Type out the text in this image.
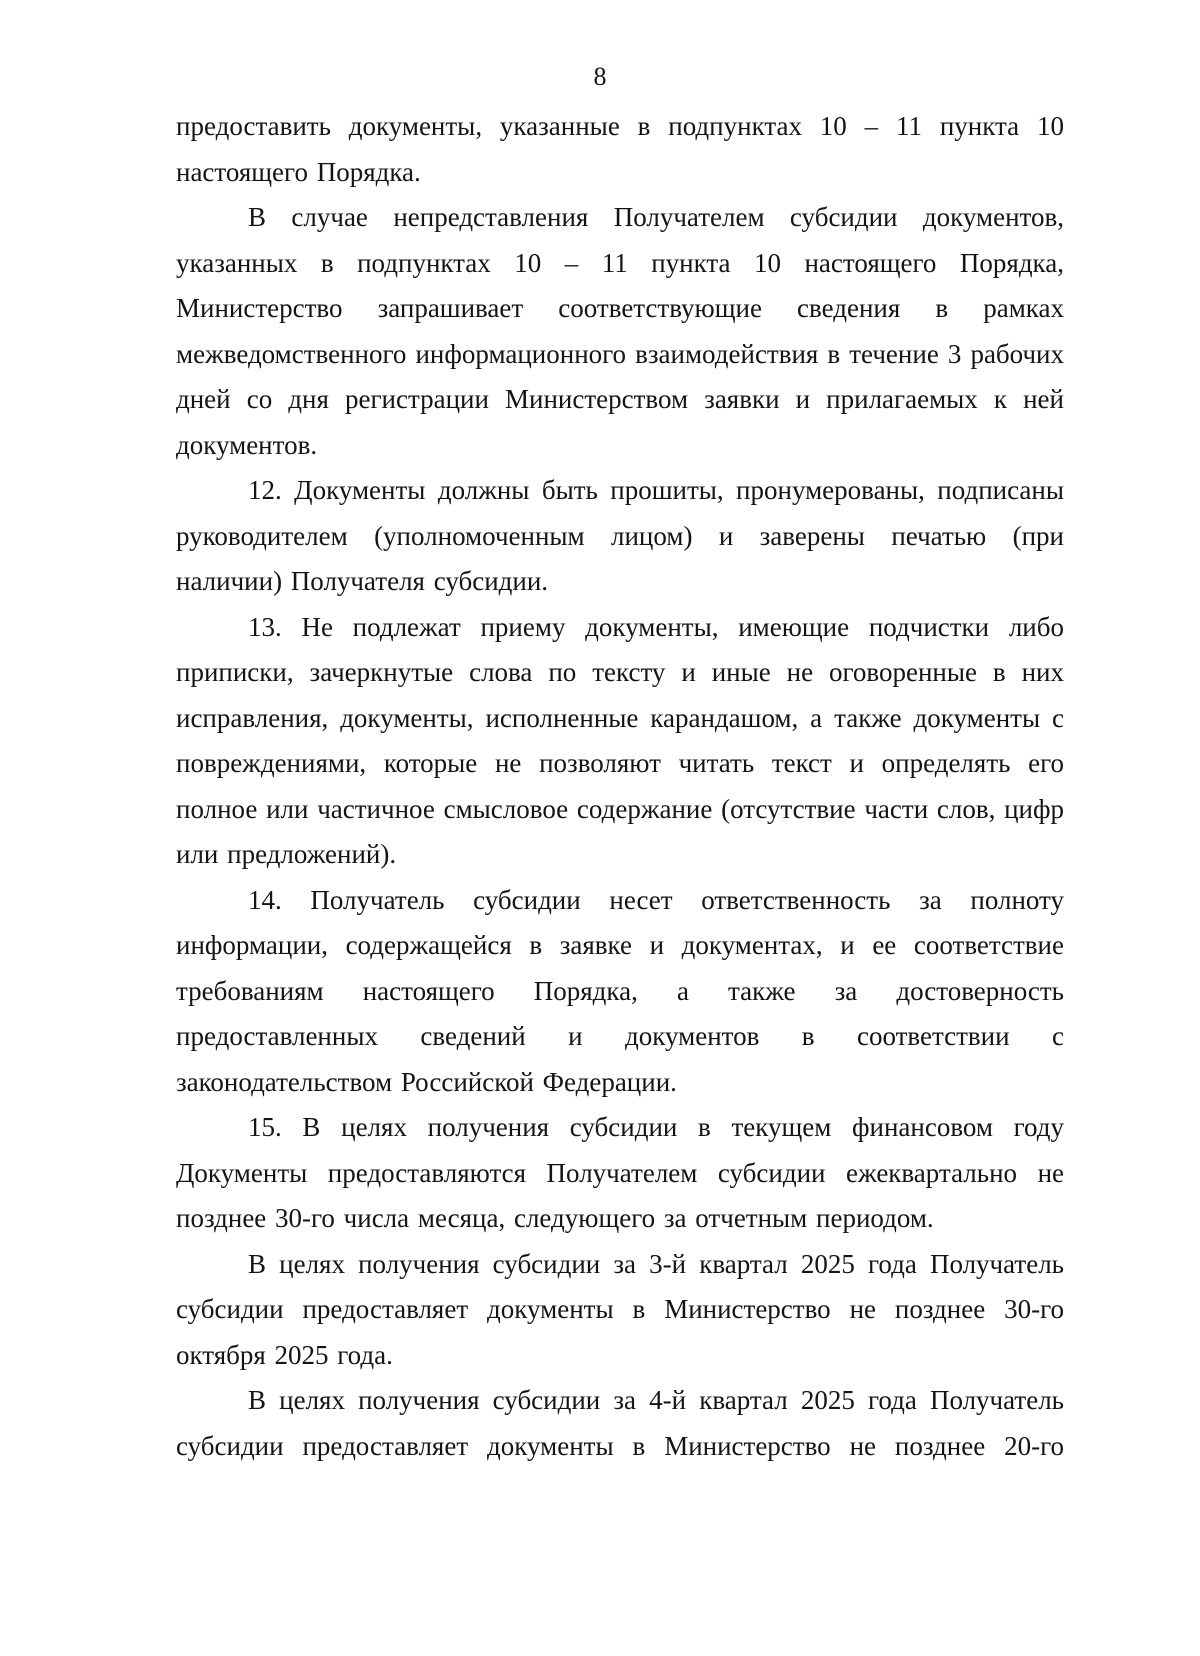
8

предоставить документы, указанные в подпунктах 10 – 11 пункта 10 настоящего Порядка.

В случае непредставления Получателем субсидии документов, указанных в подпунктах 10 – 11 пункта 10 настоящего Порядка, Министерство запрашивает соответствующие сведения в рамках межведомственного информационного взаимодействия в течение 3 рабочих дней со дня регистрации Министерством заявки и прилагаемых к ней документов.

12. Документы должны быть прошиты, пронумерованы, подписаны руководителем (уполномоченным лицом) и заверены печатью (при наличии) Получателя субсидии.

13. Не подлежат приему документы, имеющие подчистки либо приписки, зачеркнутые слова по тексту и иные не оговоренные в них исправления, документы, исполненные карандашом, а также документы с повреждениями, которые не позволяют читать текст и определять его полное или частичное смысловое содержание (отсутствие части слов, цифр или предложений).

14. Получатель субсидии несет ответственность за полноту информации, содержащейся в заявке и документах, и ее соответствие требованиям настоящего Порядка, а также за достоверность предоставленных сведений и документов в соответствии с законодательством Российской Федерации.

15. В целях получения субсидии в текущем финансовом году Документы предоставляются Получателем субсидии ежеквартально не позднее 30-го числа месяца, следующего за отчетным периодом.

В целях получения субсидии за 3-й квартал 2025 года Получатель субсидии предоставляет документы в Министерство не позднее 30-го октября 2025 года.

В целях получения субсидии за 4-й квартал 2025 года Получатель субсидии предоставляет документы в Министерство не позднее 20-го
